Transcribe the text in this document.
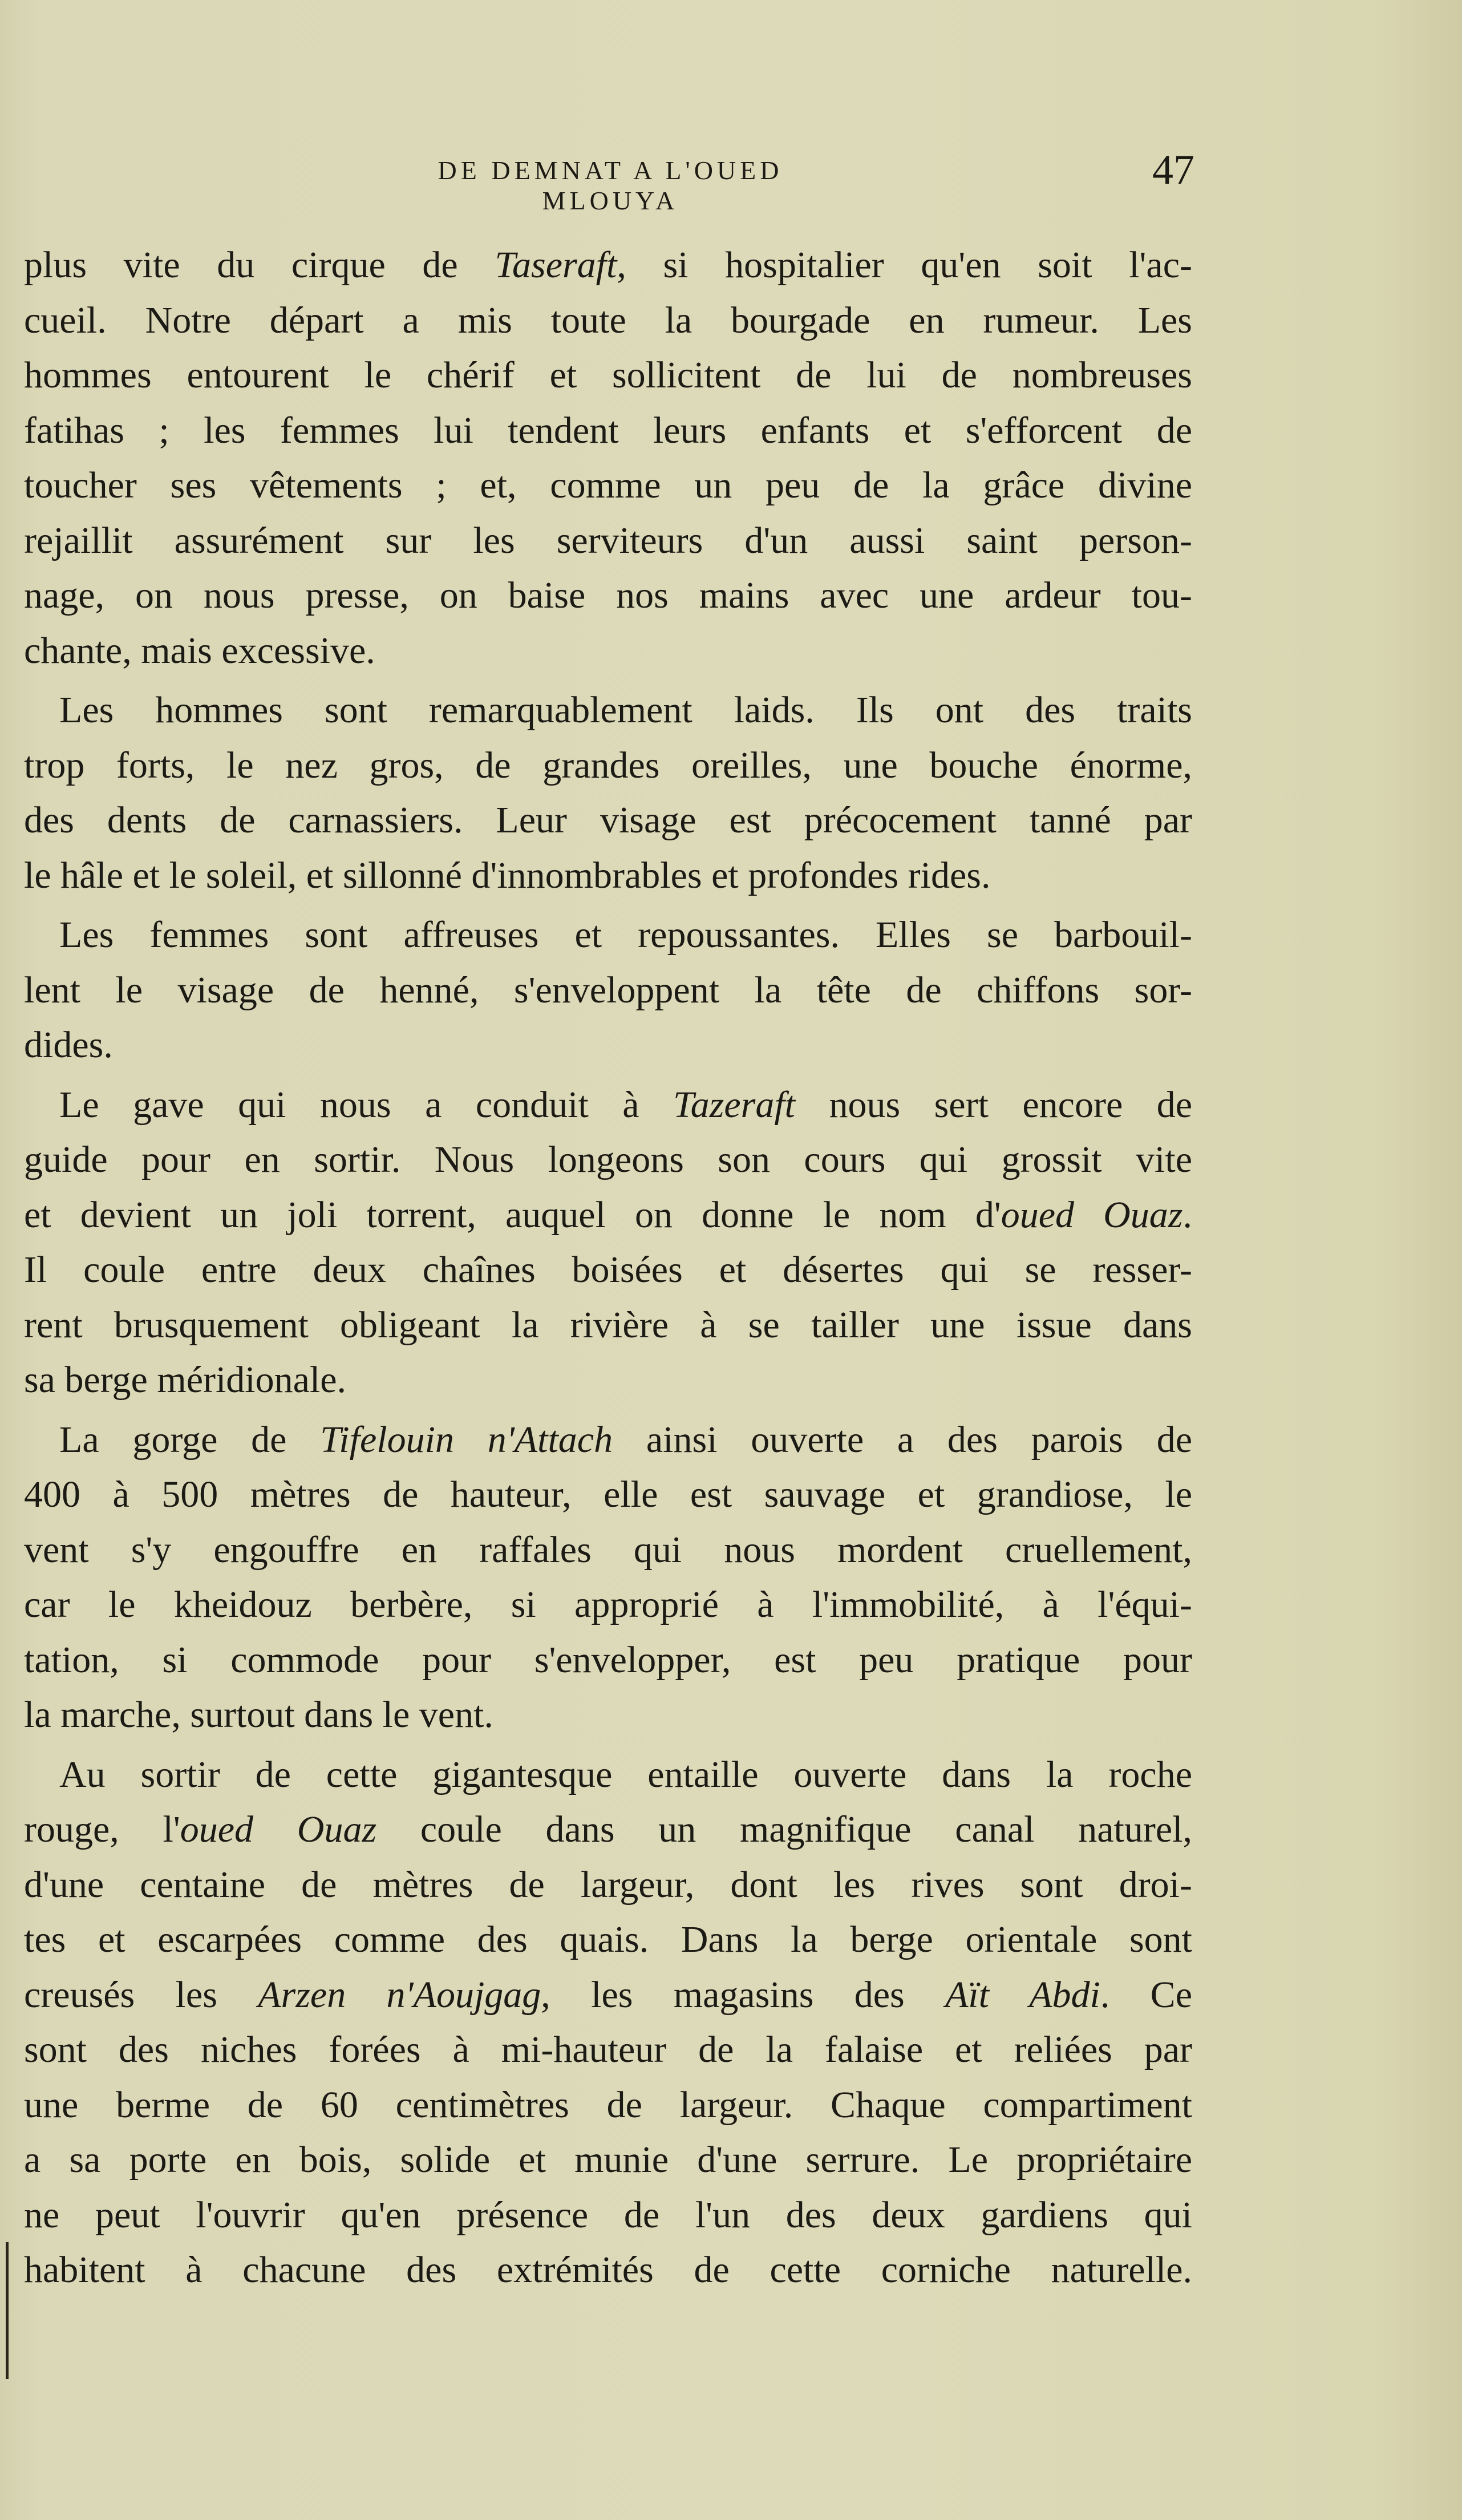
DE DEMNAT A L'OUED MLOUYA
47
plus vite du cirque de Taseraft, si hospitalier qu'en soit l'ac-
cueil. Notre départ a mis toute la bourgade en rumeur. Les
hommes entourent le chérif et sollicitent de lui de nombreuses
fatihas ; les femmes lui tendent leurs enfants et s'efforcent de
toucher ses vêtements ; et, comme un peu de la grâce divine
rejaillit assurément sur les serviteurs d'un aussi saint person-
nage, on nous presse, on baise nos mains avec une ardeur tou-
chante, mais excessive.
Les hommes sont remarquablement laids. Ils ont des traits
trop forts, le nez gros, de grandes oreilles, une bouche énorme,
des dents de carnassiers. Leur visage est précocement tanné par
le hâle et le soleil, et sillonné d'innombrables et profondes rides.
Les femmes sont affreuses et repoussantes. Elles se barbouil-
lent le visage de henné, s'enveloppent la tête de chiffons sor-
dides.
Le gave qui nous a conduit à Tazeraft nous sert encore de
guide pour en sortir. Nous longeons son cours qui grossit vite
et devient un joli torrent, auquel on donne le nom d'oued Ouaz.
Il coule entre deux chaînes boisées et désertes qui se resser-
rent brusquement obligeant la rivière à se tailler une issue dans
sa berge méridionale.
La gorge de Tifelouin n'Attach ainsi ouverte a des parois de
400 à 500 mètres de hauteur, elle est sauvage et grandiose, le
vent s'y engouffre en raffales qui nous mordent cruellement,
car le kheidouz berbère, si approprié à l'immobilité, à l'équi-
tation, si commode pour s'envelopper, est peu pratique pour
la marche, surtout dans le vent.
Au sortir de cette gigantesque entaille ouverte dans la roche
rouge, l'oued Ouaz coule dans un magnifique canal naturel,
d'une centaine de mètres de largeur, dont les rives sont droi-
tes et escarpées comme des quais. Dans la berge orientale sont
creusés les Arzen n'Aoujgag, les magasins des Aït Abdi. Ce
sont des niches forées à mi-hauteur de la falaise et reliées par
une berme de 60 centimètres de largeur. Chaque compartiment
a sa porte en bois, solide et munie d'une serrure. Le propriétaire
ne peut l'ouvrir qu'en présence de l'un des deux gardiens qui
habitent à chacune des extrémités de cette corniche naturelle.
